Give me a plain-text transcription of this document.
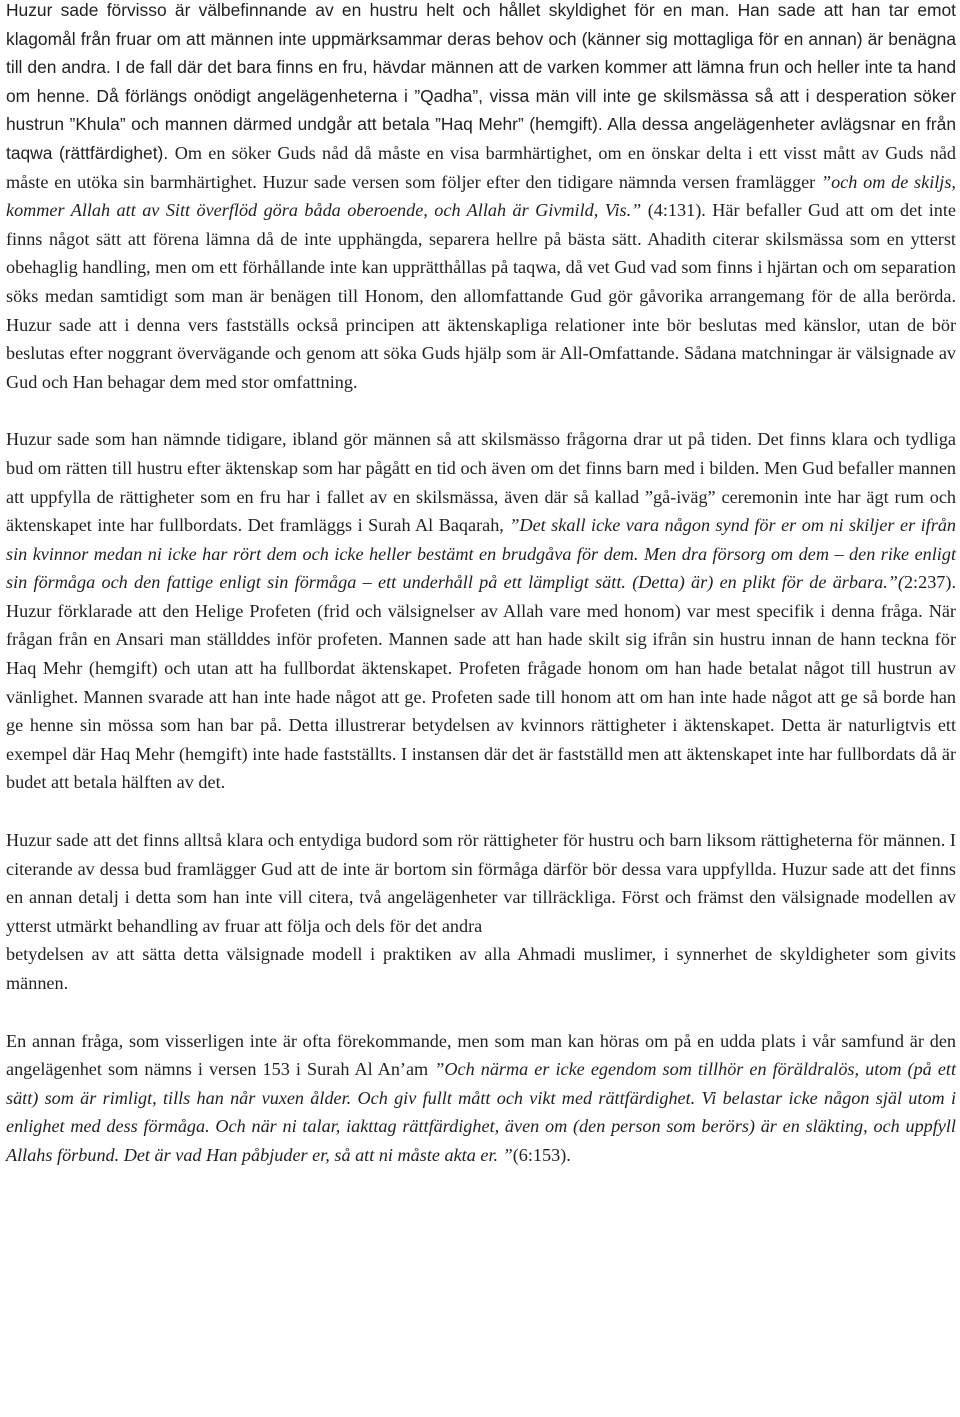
Huzur sade förvisso är välbefinnande av en hustru helt och hållet skyldighet för en man. Han sade att han tar emot klagomål från fruar om att männen inte uppmärksammar deras behov och (känner sig mottagliga för en annan) är benägna till den andra. I de fall där det bara finns en fru, hävdar männen att de varken kommer att lämna frun och heller inte ta hand om henne. Då förlängs onödigt angelägenheterna i ”Qadha”, vissa män vill inte ge skilsmässa så att i desperation söker hustrun ”Khula” och mannen därmed undgår att betala ”Haq Mehr” (hemgift). Alla dessa angelägenheter avlägsnar en från taqwa (rättfärdighet). Om en söker Guds nåd då måste en visa barmhärtighet, om en önskar delta i ett visst mått av Guds nåd måste en utöka sin barmhärtighet. Huzur sade versen som följer efter den tidigare nämnda versen framlägger ”och om de skiljs, kommer Allah att av Sitt överflöd göra båda oberoende, och Allah är Givmild, Vis.” (4:131). Här befaller Gud att om det inte finns något sätt att förena lämna då de inte upphängda, separera hellre på bästa sätt. Ahadith citerar skilsmässa som en ytterst obehaglig handling, men om ett förhållande inte kan upprätthållas på taqwa, då vet Gud vad som finns i hjärtan och om separation söks medan samtidigt som man är benägen till Honom, den allomfattande Gud gör gåvorika arrangemang för de alla berörda. Huzur sade att i denna vers fastställs också principen att äktenskapliga relationer inte bör beslutas med känslor, utan de bör beslutas efter noggrant övervägande och genom att söka Guds hjälp som är All-Omfattande. Sådana matchningar är välsignade av Gud och Han behagar dem med stor omfattning.

Huzur sade som han nämnde tidigare, ibland gör männen så att skilsmässo frågorna drar ut på tiden. Det finns klara och tydliga bud om rätten till hustru efter äktenskap som har pågått en tid och även om det finns barn med i bilden. Men Gud befaller mannen att uppfylla de rättigheter som en fru har i fallet av en skilsmässa, även där så kallad ”gå-iväg” ceremonin inte har ägt rum och äktenskapet inte har fullbordats. Det framläggs i Surah Al Baqarah, ”Det skall icke vara någon synd för er om ni skiljer er ifrån sin kvinnor medan ni icke har rört dem och icke heller bestämt en brudgåva för dem. Men dra försorg om dem – den rike enligt sin förmåga och den fattige enligt sin förmåga – ett underhåll på ett lämpligt sätt. (Detta) är) en plikt för de ärbara.”(2:237). Huzur förklarade att den Helige Profeten (frid och välsignelser av Allah vare med honom) var mest specifik i denna fråga. När frågan från en Ansari man ställddes inför profeten. Mannen sade att han hade skilt sig ifrån sin hustru innan de hann teckna för Haq Mehr (hemgift) och utan att ha fullbordat äktenskapet. Profeten frågade honom om han hade betalat något till hustrun av vänlighet. Mannen svarade att han inte hade något att ge. Profeten sade till honom att om han inte hade något att ge så borde han ge henne sin mössa som han bar på. Detta illustrerar betydelsen av kvinnors rättigheter i äktenskapet. Detta är naturligtvis ett exempel där Haq Mehr (hemgift) inte hade fastställts. I instansen där det är fastställd men att äktenskapet inte har fullbordats då är budet att betala hälften av det.

Huzur sade att det finns alltså klara och entydiga budord som rör rättigheter för hustru och barn liksom rättigheterna för männen. I citerande av dessa bud framlägger Gud att de inte är bortom sin förmåga därför bör dessa vara uppfyllda. Huzur sade att det finns en annan detalj i detta som han inte vill citera, två angelägenheter var tillräckliga. Först och främst den välsignade modellen av ytterst utmärkt behandling av fruar att följa och dels för det andra

betydelsen av att sätta detta välsignade modell i praktiken av alla Ahmadi muslimer, i synnerhet de skyldigheter som givits männen.

En annan fråga, som visserligen inte är ofta förekommande, men som man kan höras om på en udda plats i vår samfund är den angelägenhet som nämns i versen 153 i Surah Al An’am ”Och närma er icke egendom som tillhör en föräldralös, utom (på ett sätt) som är rimligt, tills han når vuxen ålder. Och giv fullt mått och vikt med rättfärdighet. Vi belastar icke någon själ utom i enlighet med dess förmåga. Och när ni talar, iakttag rättfärdighet, även om (den person som berörs) är en släkting, och uppfyll Allahs förbund. Det är vad Han påbjuder er, så att ni måste akta er. ”(6:153).
